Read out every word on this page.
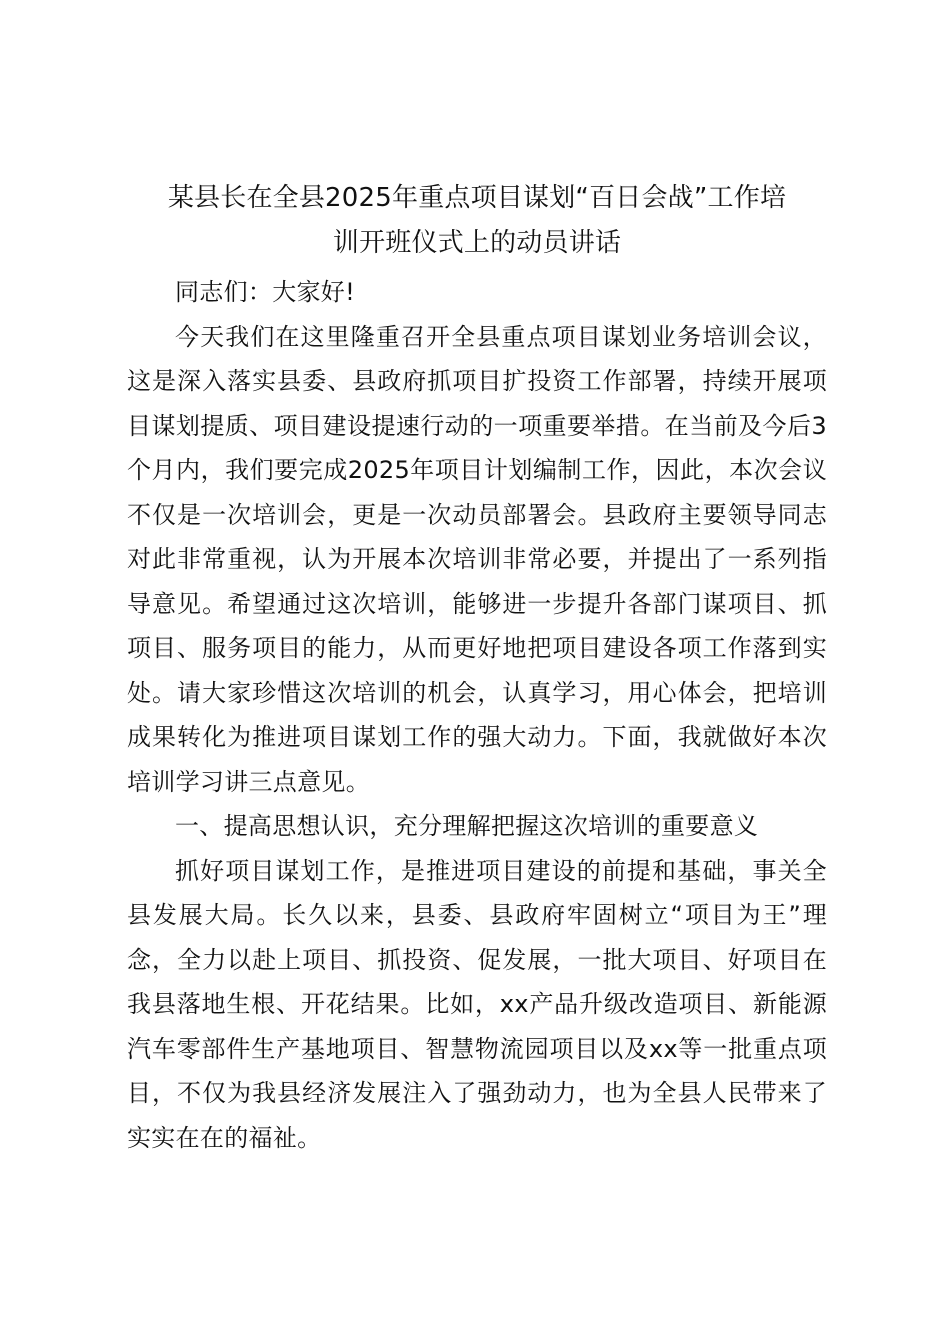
某县长在全县2025年重点项目谋划“百日会战”工作培
训开班仪式上的动员讲话

同志们：大家好!

今天我们在这里隆重召开全县重点项目谋划业务培训会议，这是深入落实县委、县政府抓项目扩投资工作部署，持续开展项目谋划提质、项目建设提速行动的一项重要举措。在当前及今后3个月内，我们要完成2025年项目计划编制工作，因此，本次会议不仅是一次培训会，更是一次动员部署会。县政府主要领导同志对此非常重视，认为开展本次培训非常必要，并提出了一系列指导意见。希望通过这次培训，能够进一步提升各部门谋项目、抓项目、服务项目的能力，从而更好地把项目建设各项工作落到实处。请大家珍惜这次培训的机会，认真学习，用心体会，把培训成果转化为推进项目谋划工作的强大动力。下面，我就做好本次培训学习讲三点意见。

一、提高思想认识，充分理解把握这次培训的重要意义

抓好项目谋划工作，是推进项目建设的前提和基础，事关全县发展大局。长久以来，县委、县政府牢固树立“项目为王”理念，全力以赴上项目、抓投资、促发展，一批大项目、好项目在我县落地生根、开花结果。比如，xx产品升级改造项目、新能源汽车零部件生产基地项目、智慧物流园项目以及xx等一批重点项目，不仅为我县经济发展注入了强劲动力，也为全县人民带来了实实在在的福祉。
